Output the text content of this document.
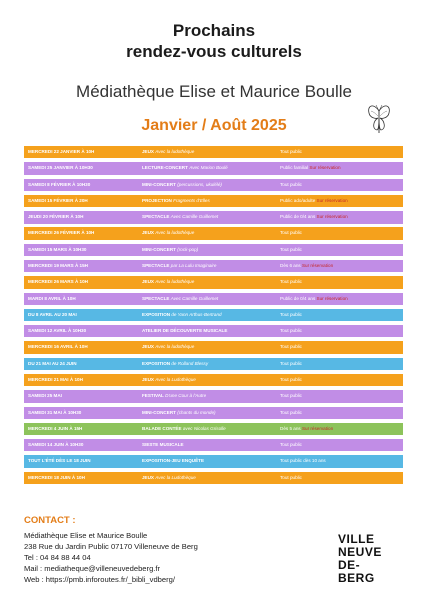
Prochains
rendez-vous culturels
Médiathèque Elise et Maurice Boulle
Janvier / Août 2025
MERCREDI 22 JANVIER À 10H	JEUX Avec la ludothèque	Tout public
SAMEDI 25 JANVIER À 10H30	LECTURE-CONCERT Avec Marion Boulé	Public familial Sur réservation
SAMEDI 8 FÉVRIER À 10H30	MINI-CONCERT (percussions, ukulélé)	Tout public
SAMEDI 15 FÉVRIER À 20H	PROJECTION Fragments d'Elles	Public ado/adulte Sur réservation
JEUDI 20 FÉVRIER À 10H	SPECTACLE Avec Camille Guillemet	Public de 0/4 ans Sur réservation
MERCREDI 26 FÉVRIER À 10H	JEUX Avec la ludothèque	Tout public
SAMEDI 15 MARS À 10H30	MINI-CONCERT (rock-pop)	Tout public
MERCREDI 19 MARS À 15H	SPECTACLE par La Lulu Imaginaire	Dès 6 ans Sur réservation
MERCREDI 26 MARS À 10H	JEUX Avec la ludothèque	Tout public
MARDI 8 AVRIL À 10H	SPECTACLE Avec Camille Guillemet	Public de 0/4 ans Sur réservation
DU 8 AVRIL AU 20 MAI	EXPOSITION de Yann Arthus-Bertrand	Tout public
SAMEDI 12 AVRIL À 10H30	ATELIER DE DÉCOUVERTE MUSICALE	Tout public
MERCREDI 16 AVRIL À 10H	JEUX Avec la ludothèque	Tout public
DU 21 MAI AU 24 JUIN	EXPOSITION de Rolland Blessy	Tout public
MERCREDI 21 MAI À 10H	JEUX Avec la Ludothèque	Tout public
SAMEDI 25 MAI	FESTIVAL D'une Cour à l'Autre	Tout public
SAMEDI 31 MAI À 10H30	MINI-CONCERT (chants du monde)	Tout public
MERCREDI 4 JUIN À 15H	BALADE CONTÉE avec Nicolas Grisolle	Dès 5 ans Sur réservation
SAMEDI 14 JUIN À 10H30	SIESTE MUSICALE	Tout public
TOUT L'ÉTÉ DÈS LE 18 JUIN	EXPOSITION-JEU ENQUÊTE	Tout public dès 10 ans
MERCREDI 18 JUIN À 10H	JEUX Avec la Ludothèque	Tout public
CONTACT :
Médiathèque Elise et Maurice Boulle
238 Rue du Jardin Public 07170 Villeneuve de Berg
Tel : 04 84 88 44 04
Mail : mediatheque@villeneuvedeberg.fr
Web : https://pmb.inforoutes.fr/_bibli_vdberg/
VILLE
NEUVE
DE-BERG
